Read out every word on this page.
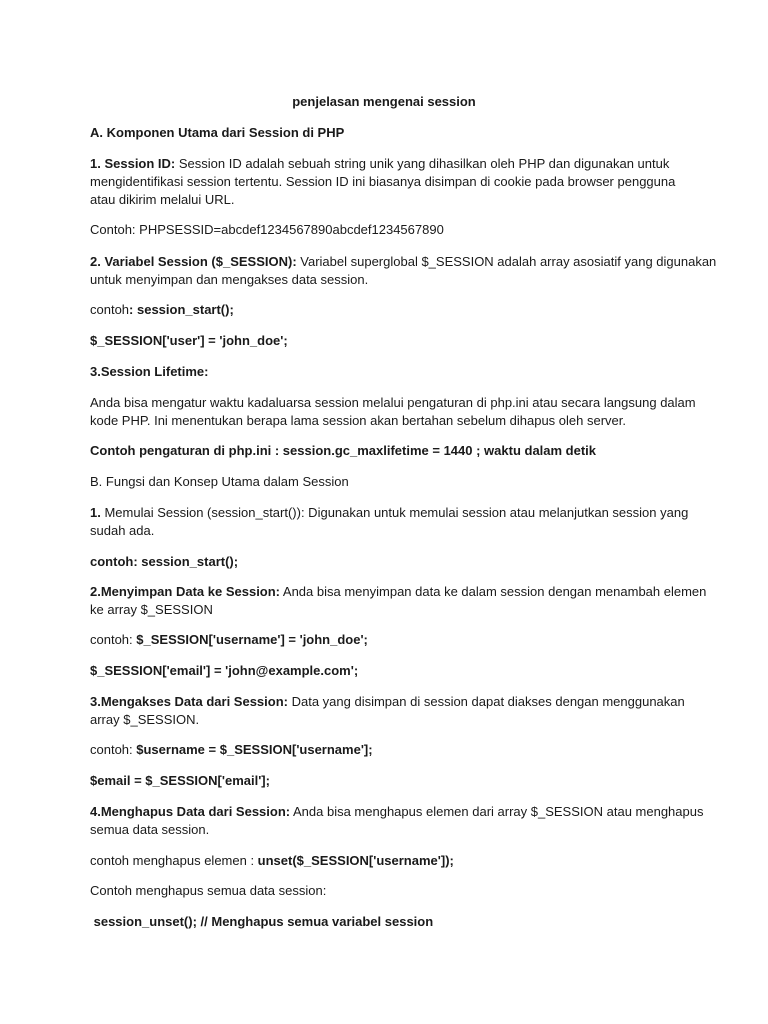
penjelasan mengenai session
A. Komponen Utama dari Session di PHP
1. Session ID: Session ID adalah sebuah string unik yang dihasilkan oleh PHP dan digunakan untuk
mengidentifikasi session tertentu. Session ID ini biasanya disimpan di cookie pada browser pengguna
atau dikirim melalui URL.
Contoh: PHPSESSID=abcdef1234567890abcdef1234567890
2. Variabel Session ($_SESSION): Variabel superglobal $_SESSION adalah array asosiatif yang digunakan
untuk menyimpan dan mengakses data session.
contoh: session_start();
$_SESSION['user'] = 'john_doe';
3.Session Lifetime:
Anda bisa mengatur waktu kadaluarsa session melalui pengaturan di php.ini atau secara langsung dalam
kode PHP. Ini menentukan berapa lama session akan bertahan sebelum dihapus oleh server.
Contoh pengaturan di php.ini : session.gc_maxlifetime = 1440 ; waktu dalam detik
B. Fungsi dan Konsep Utama dalam Session
1. Memulai Session (session_start()): Digunakan untuk memulai session atau melanjutkan session yang
sudah ada.
contoh: session_start();
2.Menyimpan Data ke Session: Anda bisa menyimpan data ke dalam session dengan menambah elemen
ke array $_SESSION
contoh: $_SESSION['username'] = 'john_doe';
$_SESSION['email'] = 'john@example.com';
3.Mengakses Data dari Session: Data yang disimpan di session dapat diakses dengan menggunakan
array $_SESSION.
contoh: $username = $_SESSION['username'];
$email = $_SESSION['email'];
4.Menghapus Data dari Session: Anda bisa menghapus elemen dari array $_SESSION atau menghapus
semua data session.
contoh menghapus elemen : unset($_SESSION['username']);
Contoh menghapus semua data session:
session_unset(); // Menghapus semua variabel session
